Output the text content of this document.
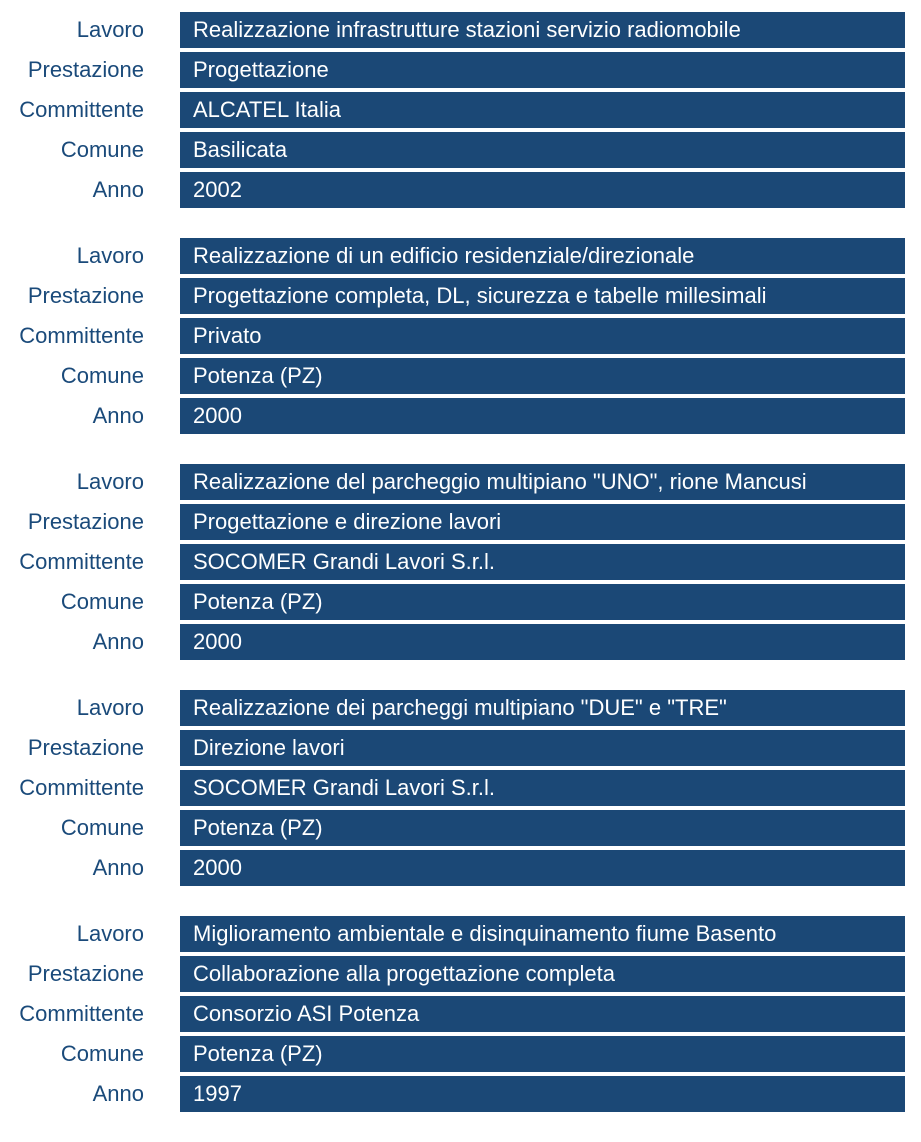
Lavoro	Realizzazione infrastrutture stazioni servizio radiomobile
Prestazione	Progettazione
Committente	ALCATEL Italia
Comune	Basilicata
Anno	2002
Lavoro	Realizzazione di un edificio residenziale/direzionale
Prestazione	Progettazione completa, DL, sicurezza e tabelle millesimali
Committente	Privato
Comune	Potenza (PZ)
Anno	2000
Lavoro	Realizzazione del parcheggio multipiano "UNO", rione Mancusi
Prestazione	Progettazione e direzione lavori
Committente	SOCOMER Grandi Lavori S.r.l.
Comune	Potenza (PZ)
Anno	2000
Lavoro	Realizzazione dei parcheggi multipiano "DUE" e "TRE"
Prestazione	Direzione lavori
Committente	SOCOMER Grandi Lavori S.r.l.
Comune	Potenza (PZ)
Anno	2000
Lavoro	Miglioramento ambientale e disinquinamento fiume Basento
Prestazione	Collaborazione alla progettazione completa
Committente	Consorzio ASI Potenza
Comune	Potenza (PZ)
Anno	1997
